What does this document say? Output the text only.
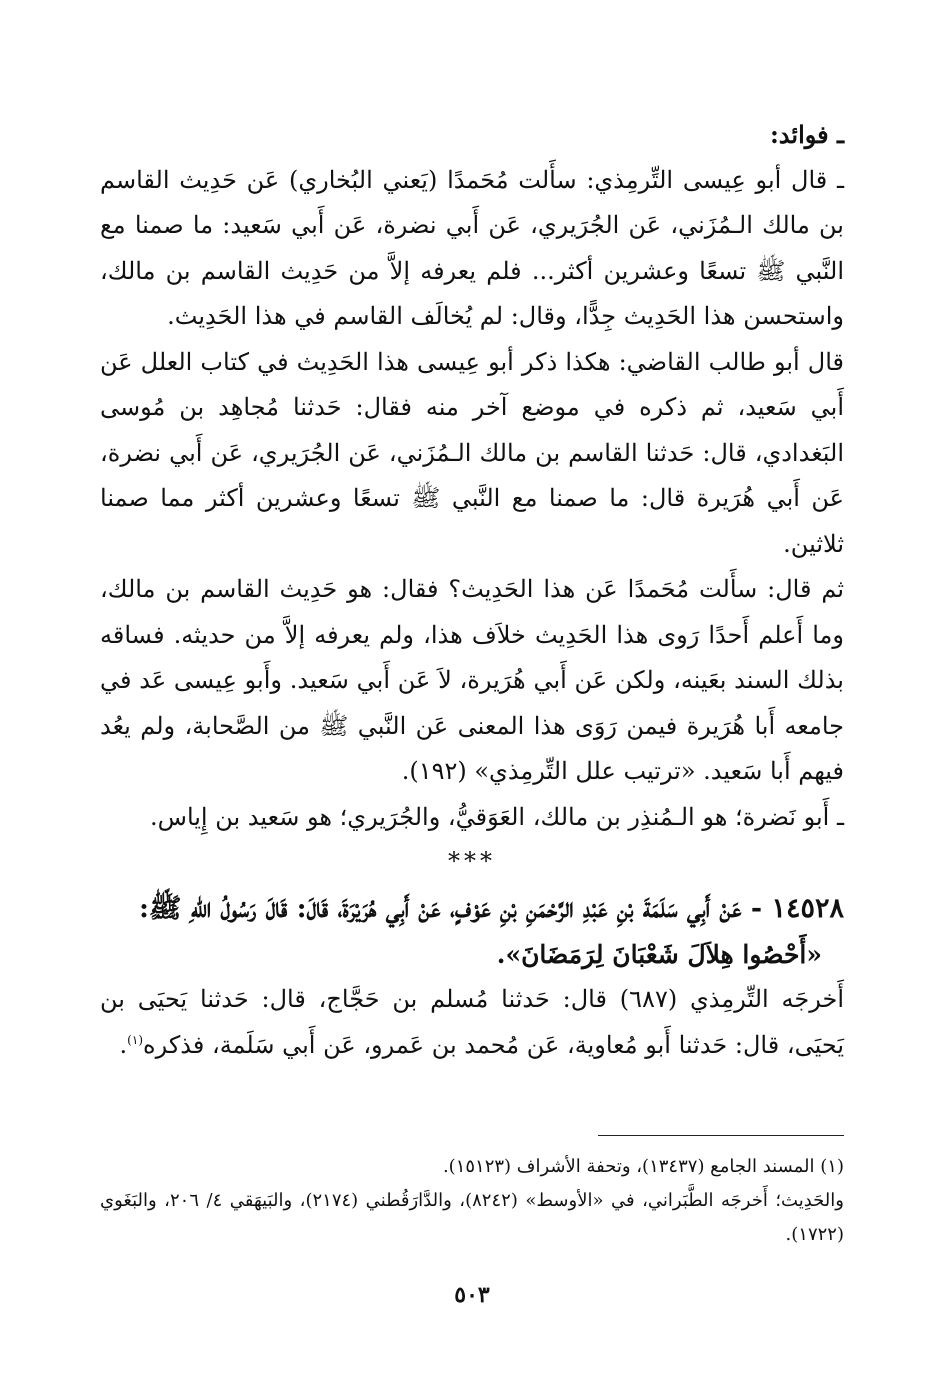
ـ فوائد:

ـ قال أبو عِيسى التِّرمِذي: سأَلت مُحَمدًا (يَعني البُخاري) عَن حَدِيث القاسم بن مالك الـمُزَني، عَن الجُرَيري، عَن أَبي نضرة، عَن أَبي سَعيد: ما صمنا مع النَّبي ﷺ تسعًا وعشرين أكثر... فلم يعرفه إلاَّ من حَدِيث القاسم بن مالك، واستحسن هذا الحَدِيث جِدًّا، وقال: لم يُخالَف القاسم في هذا الحَدِيث.

قال أبو طالب القاضي: هكذا ذكر أبو عِيسى هذا الحَدِيث في كتاب العلل عَن أَبي سَعيد، ثم ذكره في موضع آخر منه فقال: حَدثنا مُجاهِد بن مُوسى البَغدادي، قال: حَدثنا القاسم بن مالك الـمُزَني، عَن الجُرَيري، عَن أَبي نضرة، عَن أَبي هُرَيرة قال: ما صمنا مع النَّبي ﷺ تسعًا وعشرين أكثر مما صمنا ثلاثين.

ثم قال: سأَلت مُحَمدًا عَن هذا الحَدِيث؟ فقال: هو حَدِيث القاسم بن مالك، وما أَعلم أَحدًا رَوى هذا الحَدِيث خلاَف هذا، ولم يعرفه إلاَّ من حديثه. فساقه بذلك السند بعَينه، ولكن عَن أَبي هُرَيرة، لاَ عَن أَبي سَعيد. وأَبو عِيسى عَد في جامعه أَبا هُرَيرة فيمن رَوَى هذا المعنى عَن النَّبي ﷺ من الصَّحابة، ولم يعُد فيهم أَبا سَعيد. «ترتيب علل التِّرمِذي» (١٩٢).

ـ أَبو نَضرة؛ هو الـمُنذِر بن مالك، العَوَقيُّ، والجُرَيري؛ هو سَعيد بن إِياس.

***

١٤٥٢٨ - عَنْ أَبِي سَلَمَةَ بْنِ عَبْدِ الرَّحْمَنِ بْنِ عَوْفٍ، عَنْ أَبِي هُرَيْرَةَ، قَالَ: قَالَ رَسُولُ اللهِ ﷺ:

«أَحْصُوا هِلاَلَ شَعْبَانَ لِرَمَضَانَ».

أَخرجَه التِّرمِذي (٦٨٧) قال: حَدثنا مُسلم بن حَجَّاج، قال: حَدثنا يَحيَى بن يَحيَى، قال: حَدثنا أَبو مُعاوية، عَن مُحمد بن عَمرو، عَن أَبي سَلَمة، فذكره$^{(١)}$.

(١) المسند الجامع (١٣٤٣٧)، وتحفة الأشراف (١٥١٢٣).

والحَدِيث؛ أَخرجَه الطَّبَراني، في «الأوسط» (٨٢٤٢)، والدَّارَقُطني (٢١٧٤)، والبَيهَقي ٤/ ٢٠٦، والبَغَوي (١٧٢٢).

٥٠٣
